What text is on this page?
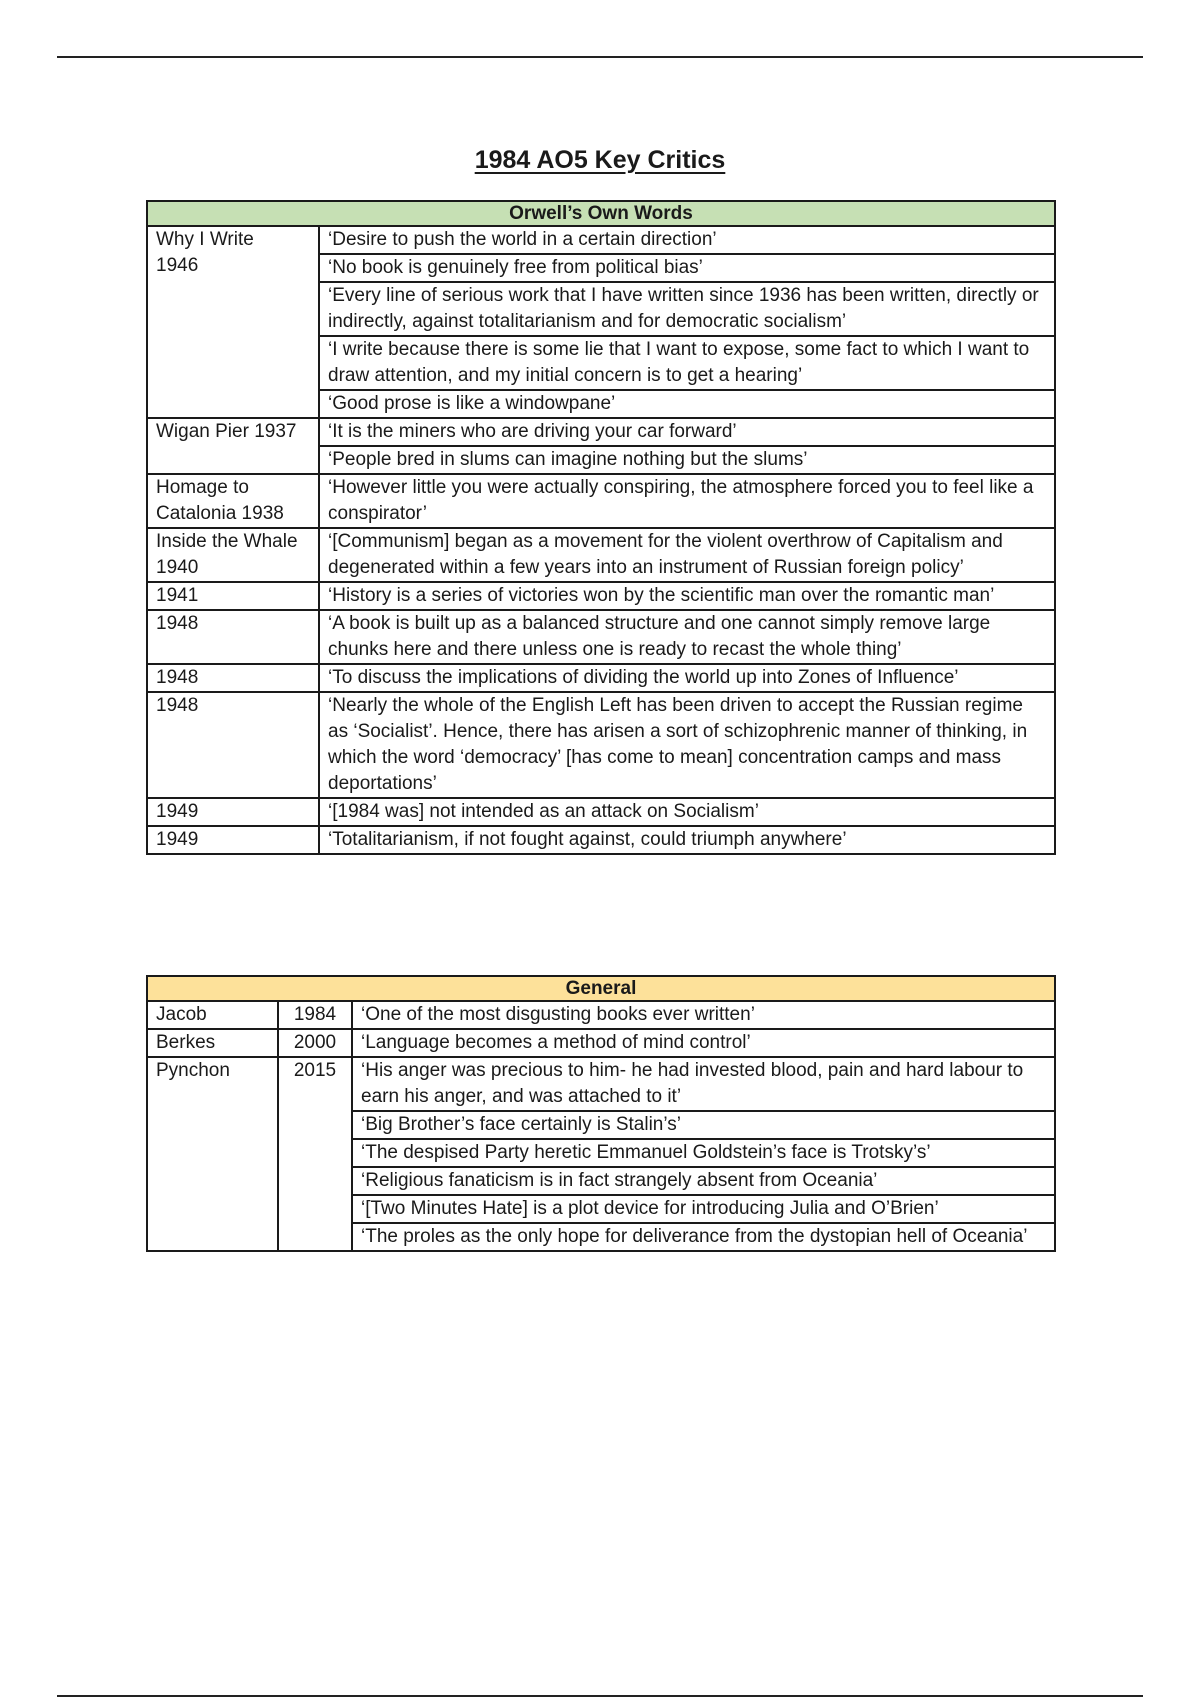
1984 AO5 Key Critics
Orwell’s Own Words	
Why I Write
1946	‘Desire to push the world in a certain direction’
	‘No book is genuinely free from political bias’
	‘Every line of serious work that I have written since 1936 has been written, directly or indirectly, against totalitarianism and for democratic socialism’
	‘I write because there is some lie that I want to expose, some fact to which I want to draw attention, and my initial concern is to get a hearing’
	‘Good prose is like a windowpane’
Wigan Pier 1937	‘It is the miners who are driving your car forward’
	‘People bred in slums can imagine nothing but the slums’
Homage to Catalonia 1938	‘However little you were actually conspiring, the atmosphere forced you to feel like a conspirator’
Inside the Whale 1940	‘[Communism] began as a movement for the violent overthrow of Capitalism and degenerated within a few years into an instrument of Russian foreign policy’
1941	‘History is a series of victories won by the scientific man over the romantic man’
1948	‘A book is built up as a balanced structure and one cannot simply remove large chunks here and there unless one is ready to recast the whole thing’
1948	‘To discuss the implications of dividing the world up into Zones of Influence’
1948	‘Nearly the whole of the English Left has been driven to accept the Russian regime as ‘Socialist’. Hence, there has arisen a sort of schizophrenic manner of thinking, in which the word ‘democracy’ [has come to mean] concentration camps and mass deportations’
1949	‘[1984 was] not intended as an attack on Socialism’
1949	‘Totalitarianism, if not fought against, could triumph anywhere’
General		
Jacob	1984	‘One of the most disgusting books ever written’
Berkes	2000	‘Language becomes a method of mind control’
Pynchon	2015	‘His anger was precious to him- he had invested blood, pain and hard labour to earn his anger, and was attached to it’
		‘Big Brother’s face certainly is Stalin’s’
		‘The despised Party heretic Emmanuel Goldstein’s face is Trotsky’s’
		‘Religious fanaticism is in fact strangely absent from Oceania’
		‘[Two Minutes Hate] is a plot device for introducing Julia and O’Brien’
		‘The proles as the only hope for deliverance from the dystopian hell of Oceania’
